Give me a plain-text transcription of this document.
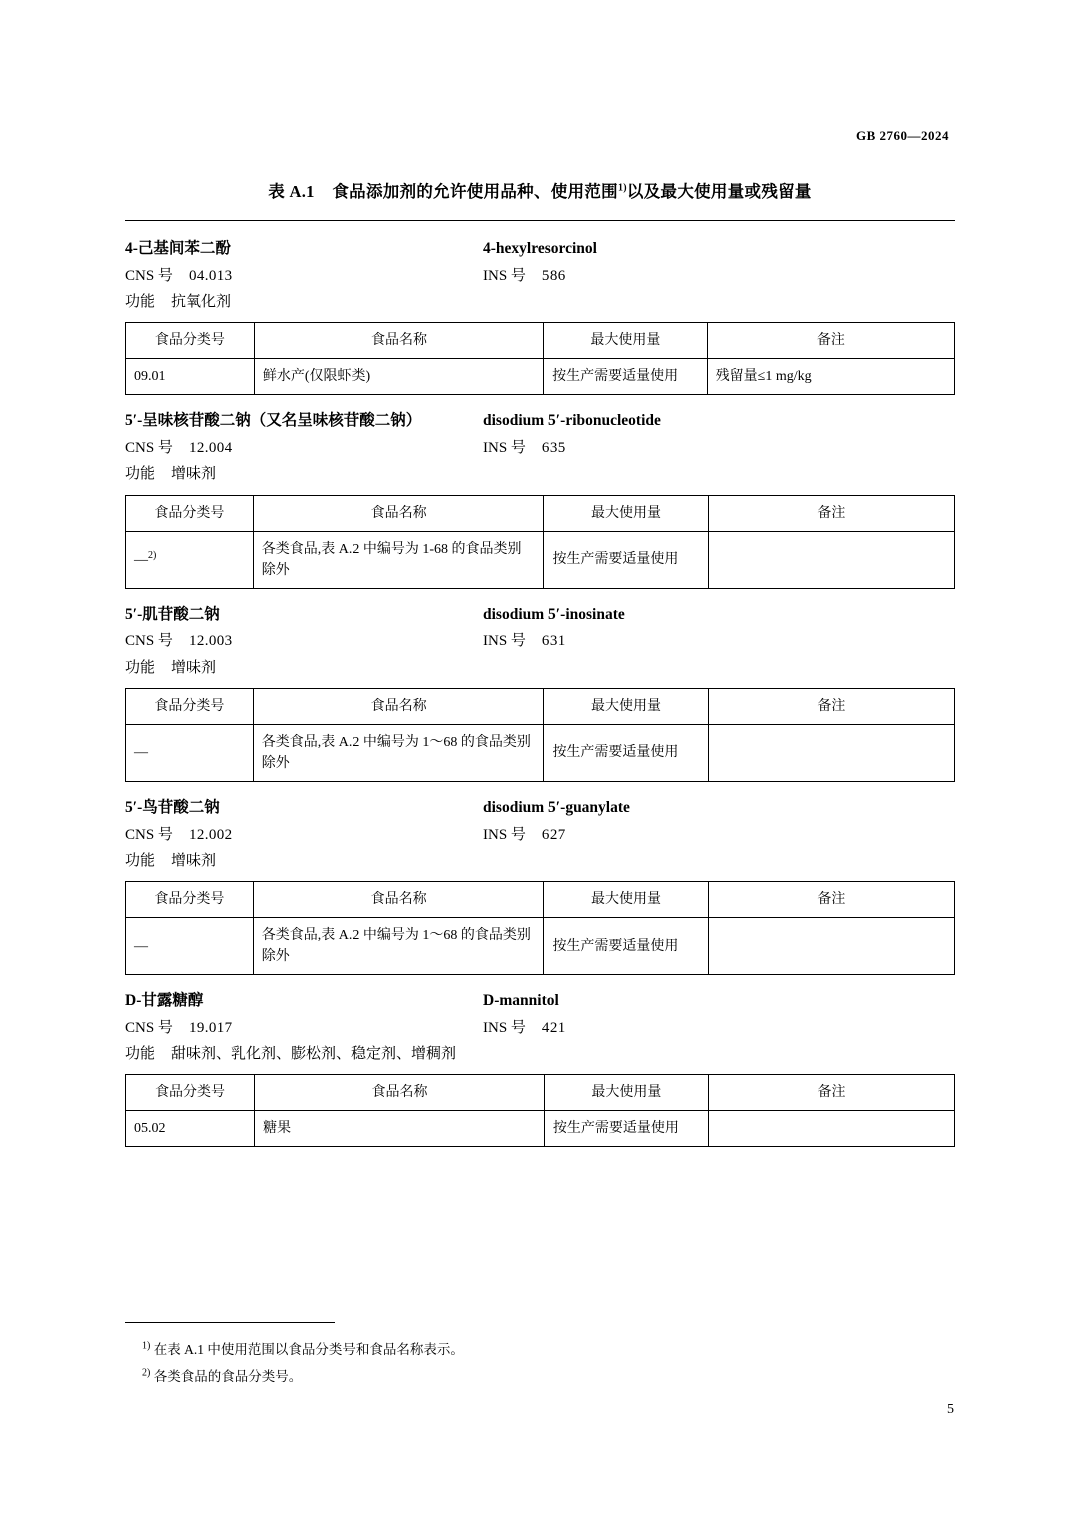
GB 2760—2024
表 A.1 食品添加剂的允许使用品种、使用范围$^{1)}$以及最大使用量或残留量
4-己基间苯二酚	4-hexylresorcinol
CNS 号 04.013	INS 号 586
功能 抗氧化剂
食品分类号	食品名称	最大使用量	备注
09.01	鲜水产(仅限虾类)	按生产需要适量使用	残留量≤1 mg/kg
5′-呈味核苷酸二钠（又名呈味核苷酸二钠）	disodium 5′-ribonucleotide
CNS 号 12.004	INS 号 635
功能 增味剂
食品分类号	食品名称	最大使用量	备注
—$^{2)}$	各类食品,表 A.2 中编号为 1-68 的食品类别除外	按生产需要适量使用	
5′-肌苷酸二钠	disodium 5′-inosinate
CNS 号 12.003	INS 号 631
功能 增味剂
食品分类号	食品名称	最大使用量	备注
—	各类食品,表 A.2 中编号为 1～68 的食品类别除外	按生产需要适量使用	
5′-鸟苷酸二钠	disodium 5′-guanylate
CNS 号 12.002	INS 号 627
功能 增味剂
食品分类号	食品名称	最大使用量	备注
—	各类食品,表 A.2 中编号为 1～68 的食品类别除外	按生产需要适量使用	
D-甘露糖醇	D-mannitol
CNS 号 19.017	INS 号 421
功能 甜味剂、乳化剂、膨松剂、稳定剂、增稠剂
食品分类号	食品名称	最大使用量	备注
05.02	糖果	按生产需要适量使用	
$^{1)}$ 在表 A.1 中使用范围以食品分类号和食品名称表示。
$^{2)}$ 各类食品的食品分类号。
5
